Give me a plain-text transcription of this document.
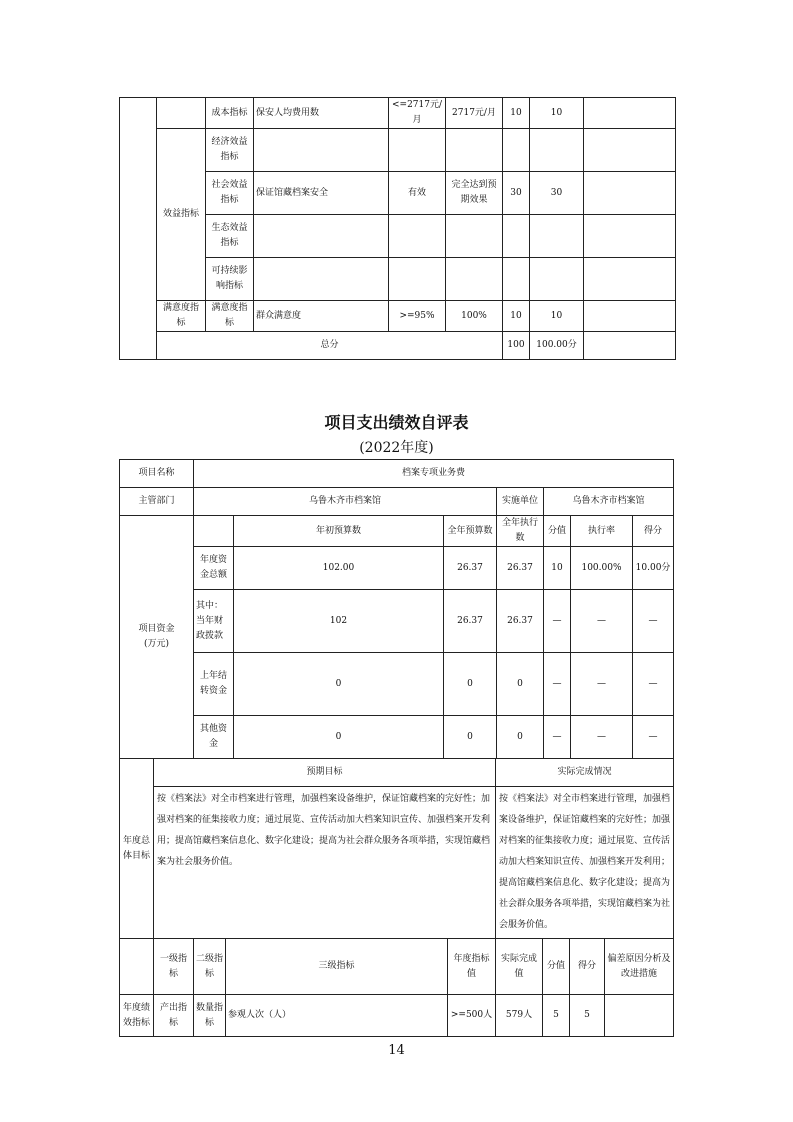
		成本指标	保安人均费用数	<=2717元/月	2717元/月	10	10	
	效益指标	经济效益指标						
		社会效益指标	保证馆藏档案安全	有效	完全达到预期效果	30	30	
		生态效益指标						
		可持续影响指标						
	满意度指标	满意度指标	群众满意度	>=95%	100%	10	10	
	总分					100	100.00分	
项目支出绩效自评表
(2022年度)
项目名称	档案专项业务费						
主管部门	乌鲁木齐市档案馆			实施单位	乌鲁木齐市档案馆		

项目资金
(万元)		年初预算数	全年预算数	全年执行数	分值	执行率	得分
	年度资金总额	102.00	26.37	26.37	10	100.00%	10.00分
	其中：当年财政拨款	102	26.37	26.37	—	—	—
	上年结转资金	0	0	0	—	—	—
	其他资金	0	0	0	—	—	—
年度总体目标	预期目标				实际完成情况			
	按《档案法》对全市档案进行管理，加强档案设备维护，保证馆藏档案的完好性；加强对档案的征集接收力度；通过展览、宣传活动加大档案知识宣传、加强档案开发利用；提高馆藏档案信息化、数字化建设；提高为社会群众服务各项举措，实现馆藏档案为社会服务价值。				按《档案法》对全市档案进行管理，加强档案设备维护，保证馆藏档案的完好性；加强对档案的征集接收力度；通过展览、宣传活动加大档案知识宣传、加强档案开发利用；提高馆藏档案信息化、数字化建设；提高为社会群众服务各项举措，实现馆藏档案为社会服务价值。			
	一级指标	二级指标	三级指标	年度指标值	实际完成值	分值	得分	偏差原因分析及改进措施
年度绩效指标	产出指标	数量指标	参观人次（人）	>=500人	579人	5	5	
14
